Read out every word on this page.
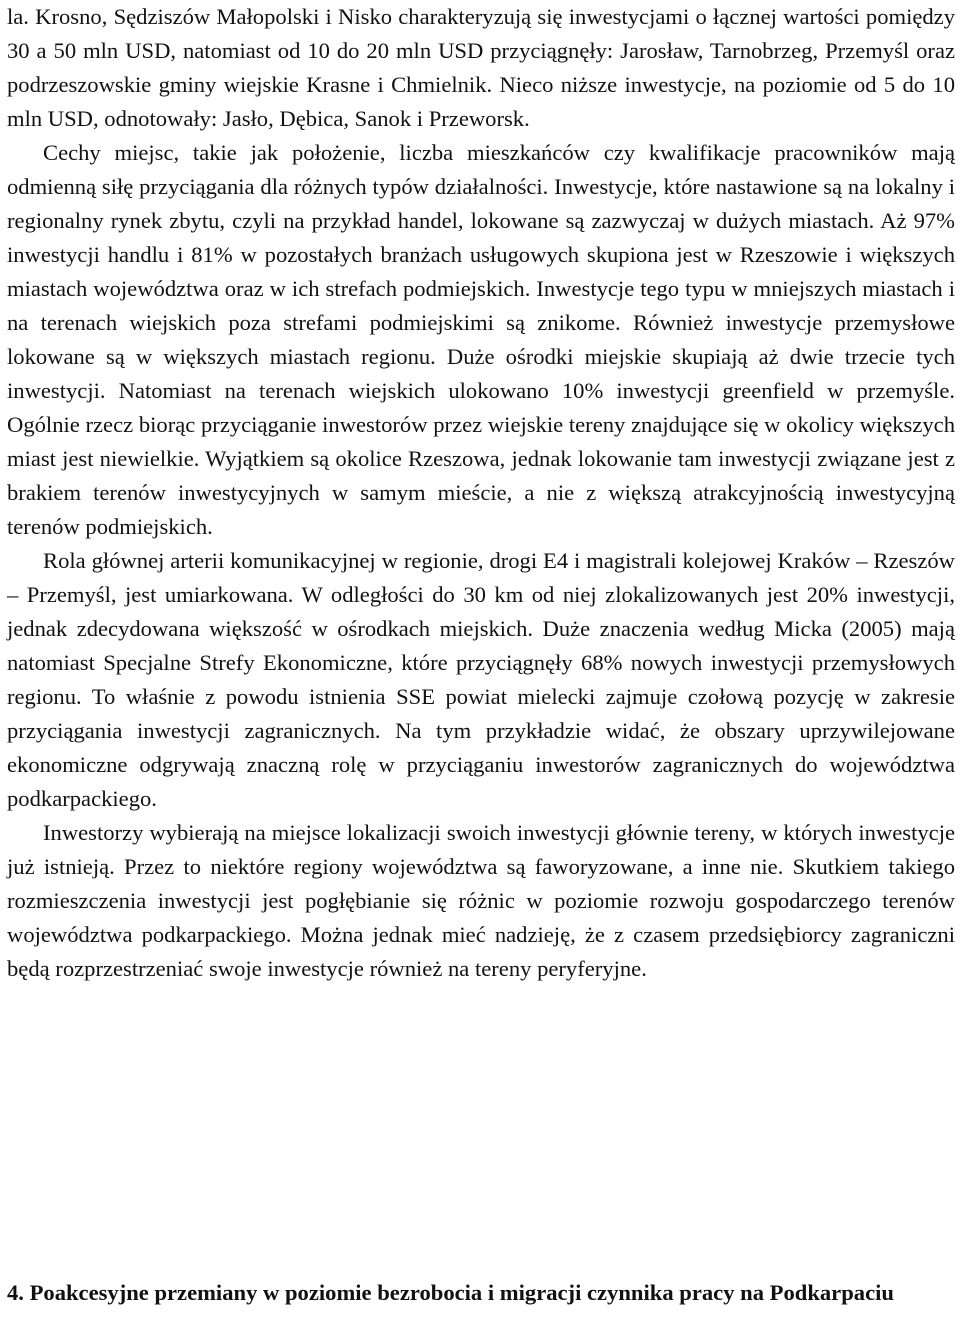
la. Krosno, Sędziszów Małopolski i Nisko charakteryzują się inwestycjami o łącznej wartości pomiędzy 30 a 50 mln USD, natomiast od 10 do 20 mln USD przyciągnęły: Jarosław, Tarnobrzeg, Przemyśl oraz podrzeszowskie gminy wiejskie Krasne i Chmielnik. Nieco niższe inwestycje, na poziomie od 5 do 10 mln USD, odnotowały: Jasło, Dębica, Sanok i Przeworsk.

Cechy miejsc, takie jak położenie, liczba mieszkańców czy kwalifikacje pracowników mają odmienną siłę przyciągania dla różnych typów działalności. Inwestycje, które nastawione są na lokalny i regionalny rynek zbytu, czyli na przykład handel, lokowane są zazwyczaj w dużych miastach. Aż 97% inwestycji handlu i 81% w pozostałych branżach usługowych skupiona jest w Rzeszowie i większych miastach województwa oraz w ich strefach podmiejskich. Inwestycje tego typu w mniejszych miastach i na terenach wiejskich poza strefami podmiejskimi są znikome. Również inwestycje przemysłowe lokowane są w większych miastach regionu. Duże ośrodki miejskie skupiają aż dwie trzecie tych inwestycji. Natomiast na terenach wiejskich ulokowano 10% inwestycji greenfield w przemyśle. Ogólnie rzecz biorąc przyciąganie inwestorów przez wiejskie tereny znajdujące się w okolicy większych miast jest niewielkie. Wyjątkiem są okolice Rzeszowa, jednak lokowanie tam inwestycji związane jest z brakiem terenów inwestycyjnych w samym mieście, a nie z większą atrakcyjnością inwestycyjną terenów podmiejskich.

Rola głównej arterii komunikacyjnej w regionie, drogi E4 i magistrali kolejowej Kraków – Rzeszów – Przemyśl, jest umiarkowana. W odległości do 30 km od niej zlokalizowanych jest 20% inwestycji, jednak zdecydowana większość w ośrodkach miejskich. Duże znaczenia według Micka (2005) mają natomiast Specjalne Strefy Ekonomiczne, które przyciągnęły 68% nowych inwestycji przemysłowych regionu. To właśnie z powodu istnienia SSE powiat mielecki zajmuje czołową pozycję w zakresie przyciągania inwestycji zagranicznych. Na tym przykładzie widać, że obszary uprzywilejowane ekonomiczne odgrywają znaczną rolę w przyciąganiu inwestorów zagranicznych do województwa podkarpackiego.

Inwestorzy wybierają na miejsce lokalizacji swoich inwestycji głównie tereny, w których inwestycje już istnieją. Przez to niektóre regiony województwa są faworyzowane, a inne nie. Skutkiem takiego rozmieszczenia inwestycji jest pogłębianie się różnic w poziomie rozwoju gospodarczego terenów województwa podkarpackiego. Można jednak mieć nadzieję, że z czasem przedsiębiorcy zagraniczni będą rozprzestrzeniać swoje inwestycje również na tereny peryferyjne.

4. Poakcesyjne przemiany w poziomie bezrobocia i migracji czynnika pracy na Podkarpaciu
